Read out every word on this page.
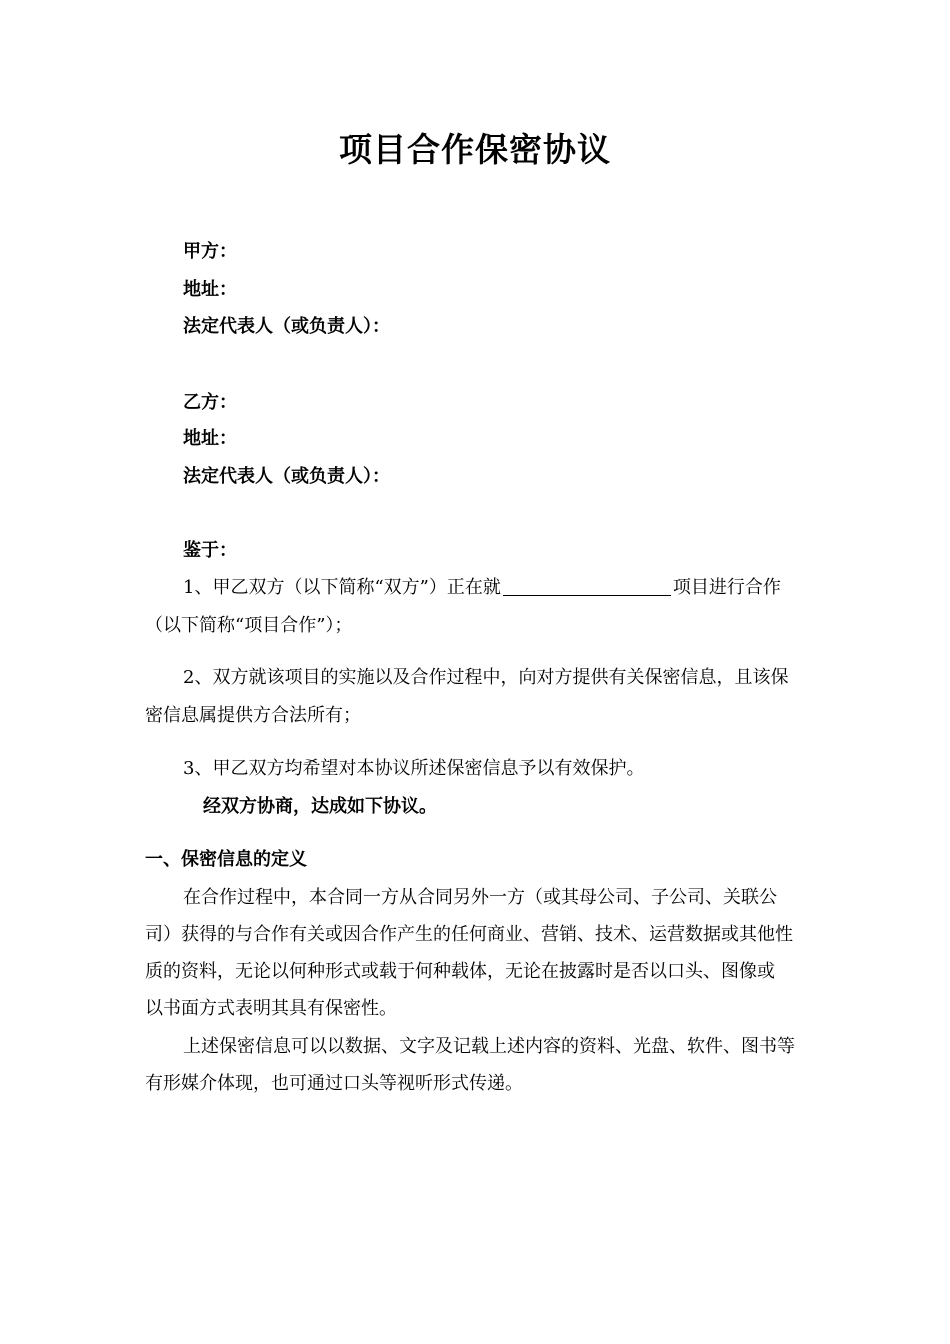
项目合作保密协议
甲方：
地址：
法定代表人（或负责人）：
乙方：
地址：
法定代表人（或负责人）：
鉴于：
1、甲乙双方（以下简称“双方”）正在就	项目进行合作
（以下简称“项目合作”）；
2、双方就该项目的实施以及合作过程中，向对方提供有关保密信息，且该保
密信息属提供方合法所有；
3、甲乙双方均希望对本协议所述保密信息予以有效保护。
经双方协商，达成如下协议。
一、保密信息的定义
在合作过程中，本合同一方从合同另外一方（或其母公司、子公司、关联公
司）获得的与合作有关或因合作产生的任何商业、营销、技术、运营数据或其他性
质的资料，无论以何种形式或载于何种载体，无论在披露时是否以口头、图像或
以书面方式表明其具有保密性。
上述保密信息可以以数据、文字及记载上述内容的资料、光盘、软件、图书等
有形媒介体现，也可通过口头等视听形式传递。
